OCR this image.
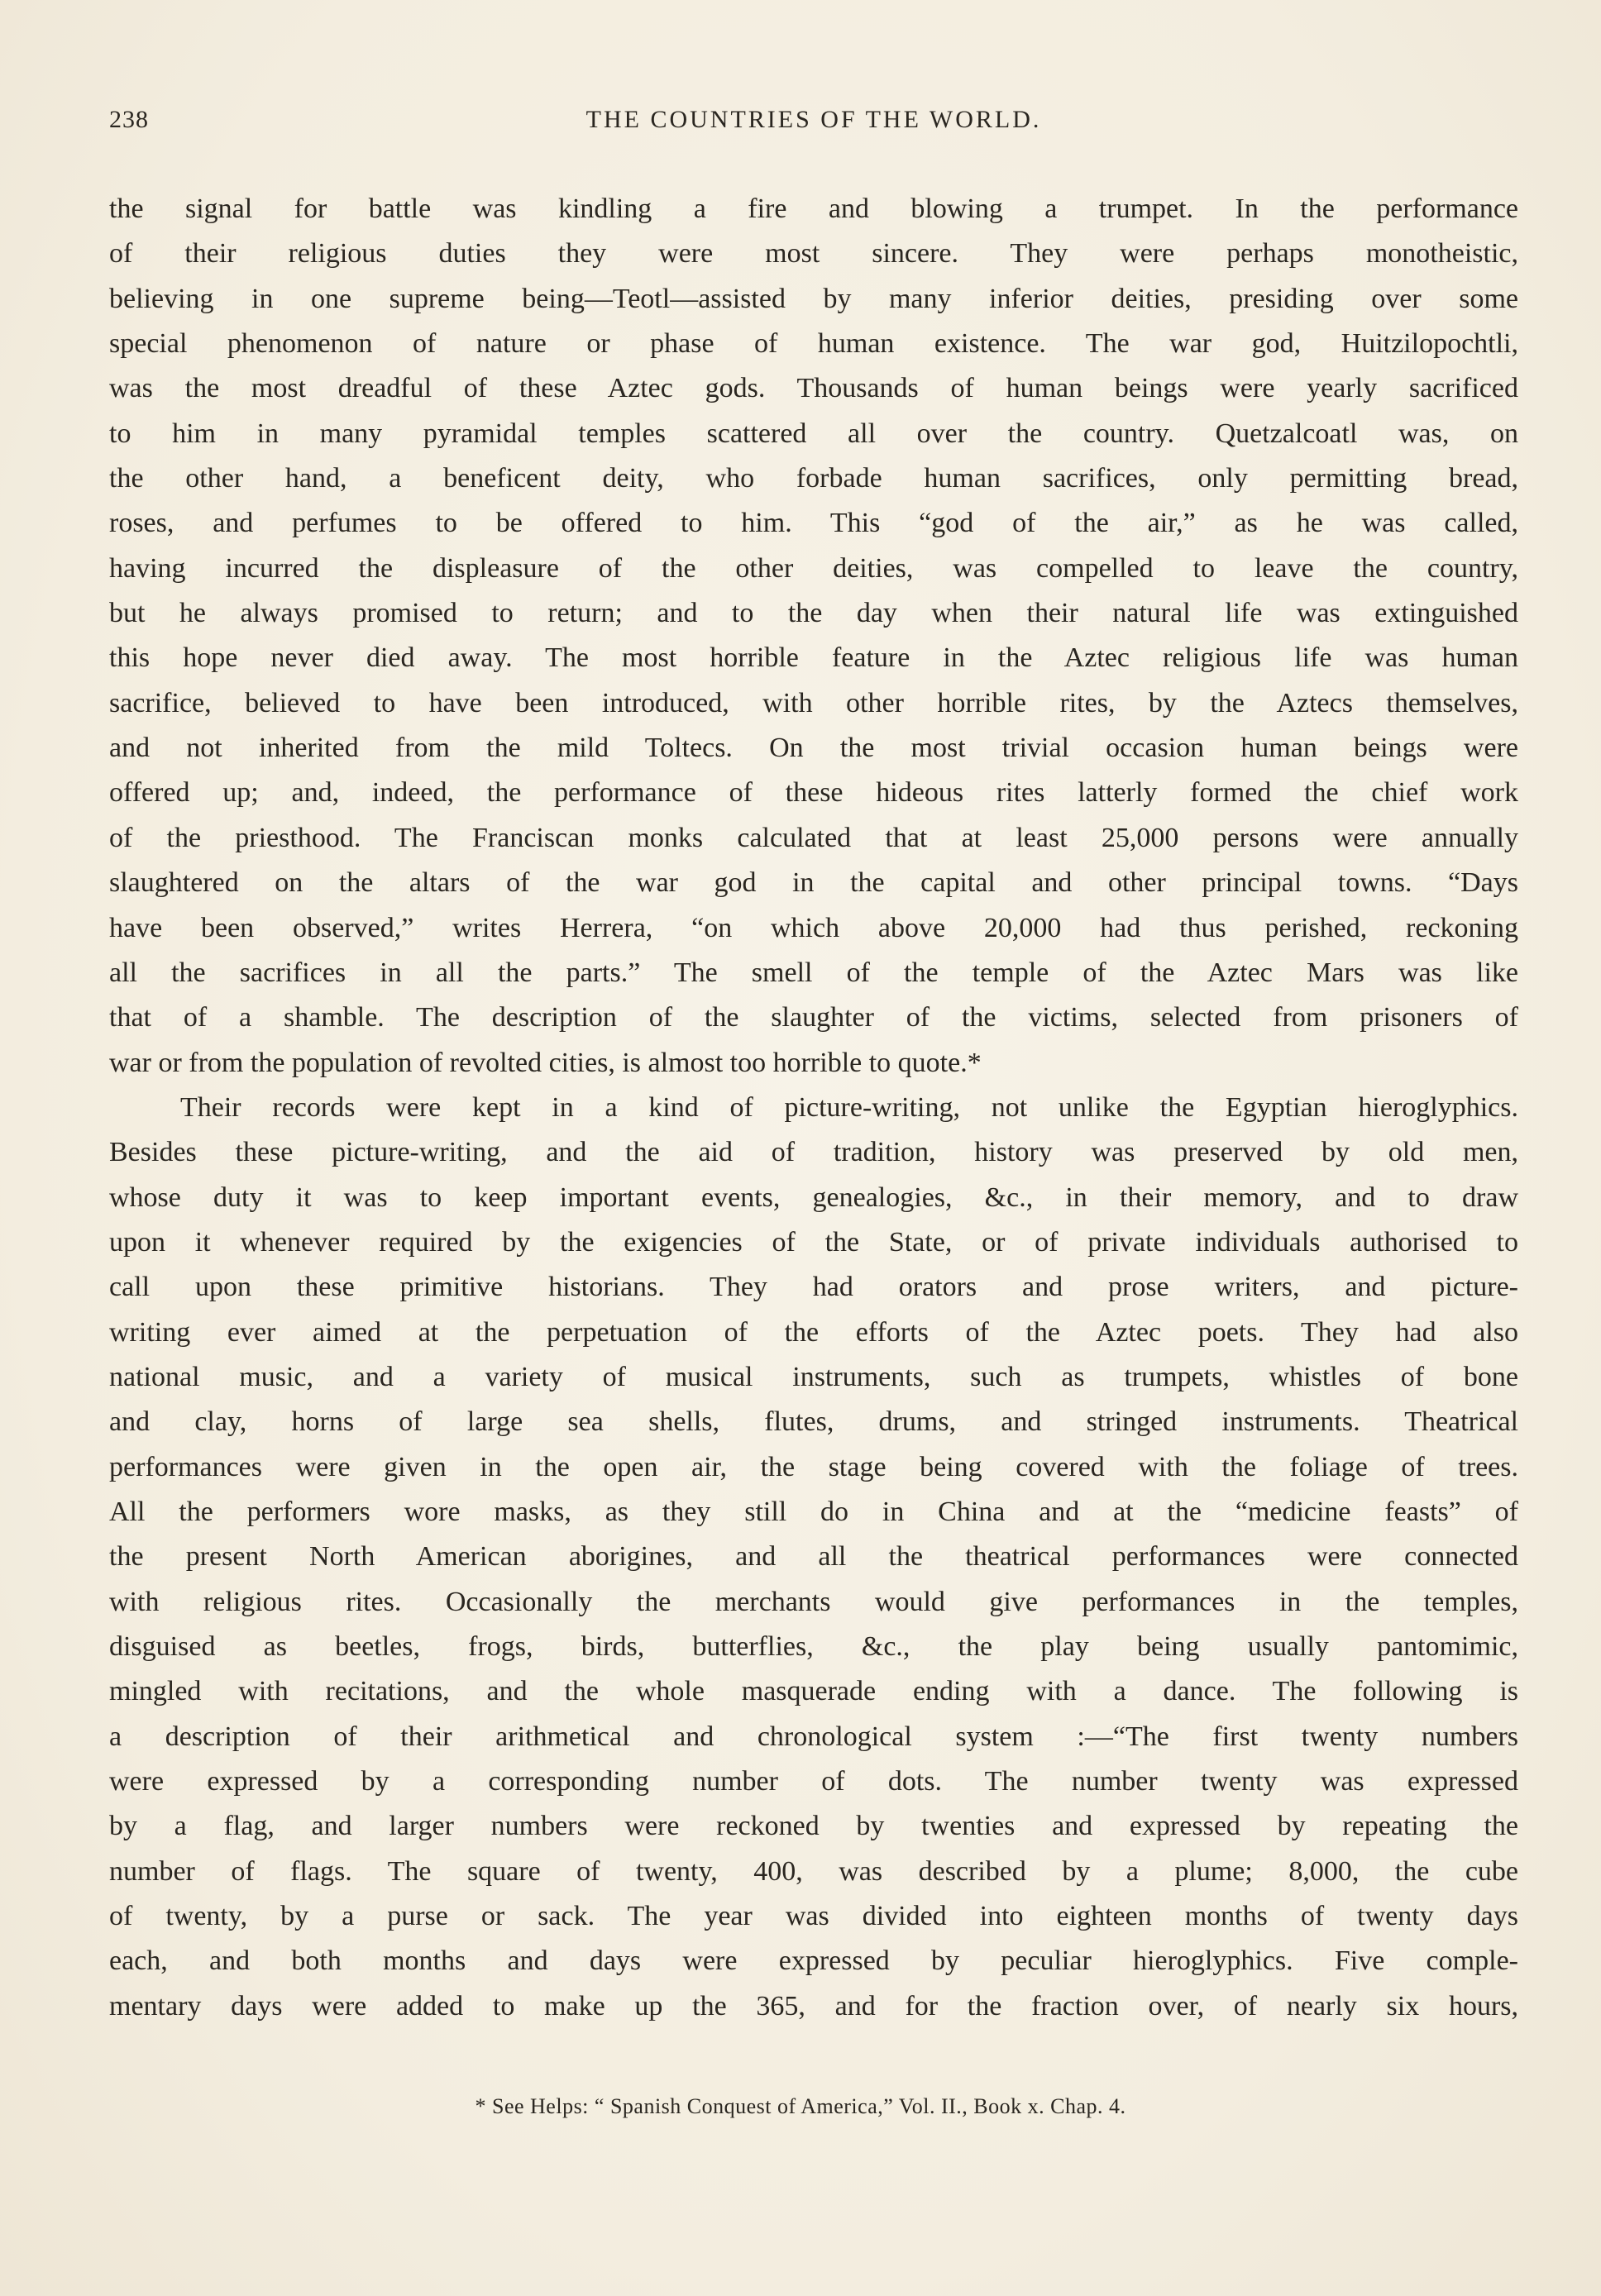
238	THE COUNTRIES OF THE WORLD.
the signal for battle was kindling a fire and blowing a trumpet. In the performance
of their religious duties they were most sincere. They were perhaps monotheistic,
believing in one supreme being—Teotl—assisted by many inferior deities, presiding over some
special phenomenon of nature or phase of human existence. The war god, Huitzilopochtli,
was the most dreadful of these Aztec gods. Thousands of human beings were yearly sacrificed
to him in many pyramidal temples scattered all over the country. Quetzalcoatl was, on
the other hand, a beneficent deity, who forbade human sacrifices, only permitting bread,
roses, and perfumes to be offered to him. This “god of the air,” as he was called,
having incurred the displeasure of the other deities, was compelled to leave the country,
but he always promised to return; and to the day when their natural life was extinguished
this hope never died away. The most horrible feature in the Aztec religious life was human
sacrifice, believed to have been introduced, with other horrible rites, by the Aztecs themselves,
and not inherited from the mild Toltecs. On the most trivial occasion human beings were
offered up; and, indeed, the performance of these hideous rites latterly formed the chief work
of the priesthood. The Franciscan monks calculated that at least 25,000 persons were annually
slaughtered on the altars of the war god in the capital and other principal towns. “Days
have been observed,” writes Herrera, “on which above 20,000 had thus perished, reckoning
all the sacrifices in all the parts.” The smell of the temple of the Aztec Mars was like
that of a shamble. The description of the slaughter of the victims, selected from prisoners of
war or from the population of revolted cities, is almost too horrible to quote.*
Their records were kept in a kind of picture-writing, not unlike the Egyptian hieroglyphics.
Besides these picture-writing, and the aid of tradition, history was preserved by old men,
whose duty it was to keep important events, genealogies, &c., in their memory, and to draw
upon it whenever required by the exigencies of the State, or of private individuals authorised to
call upon these primitive historians. They had orators and prose writers, and picture-
writing ever aimed at the perpetuation of the efforts of the Aztec poets. They had also
national music, and a variety of musical instruments, such as trumpets, whistles of bone
and clay, horns of large sea shells, flutes, drums, and stringed instruments. Theatrical
performances were given in the open air, the stage being covered with the foliage of trees.
All the performers wore masks, as they still do in China and at the “medicine feasts” of
the present North American aborigines, and all the theatrical performances were connected
with religious rites. Occasionally the merchants would give performances in the temples,
disguised as beetles, frogs, birds, butterflies, &c., the play being usually pantomimic,
mingled with recitations, and the whole masquerade ending with a dance. The following is
a description of their arithmetical and chronological system :—“The first twenty numbers
were expressed by a corresponding number of dots. The number twenty was expressed
by a flag, and larger numbers were reckoned by twenties and expressed by repeating the
number of flags. The square of twenty, 400, was described by a plume; 8,000, the cube
of twenty, by a purse or sack. The year was divided into eighteen months of twenty days
each, and both months and days were expressed by peculiar hieroglyphics. Five comple-
mentary days were added to make up the 365, and for the fraction over, of nearly six hours,
* See Helps: “ Spanish Conquest of America,” Vol. II., Book x. Chap. 4.
